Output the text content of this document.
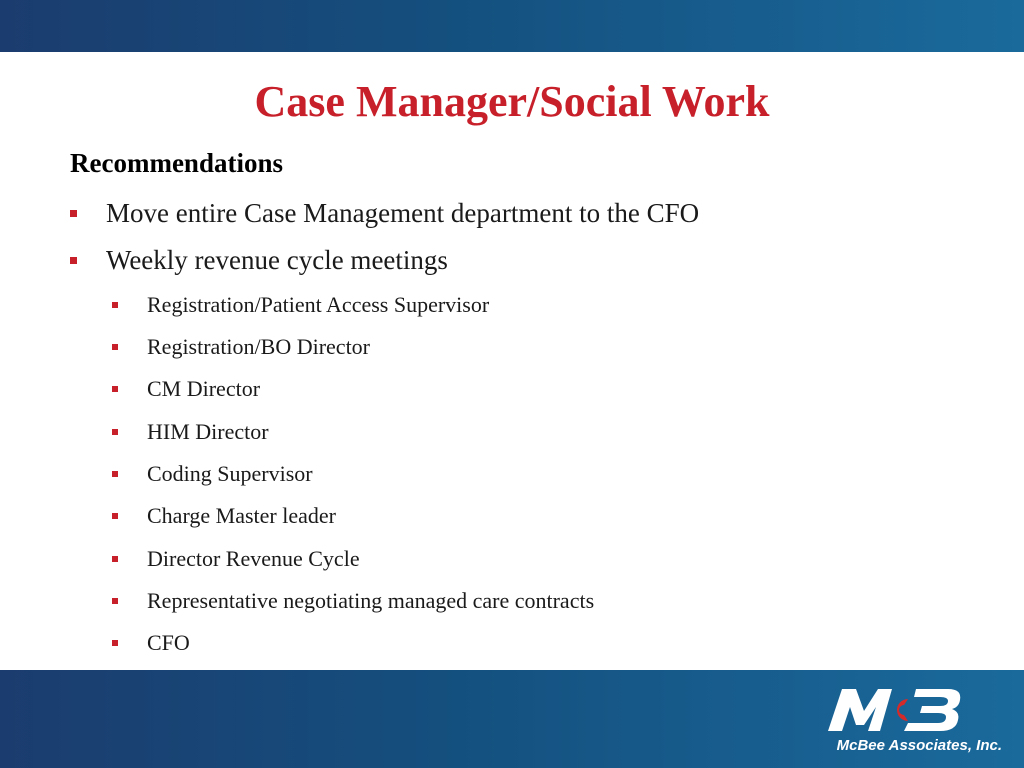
Case Manager/Social Work
Recommendations
Move entire Case Management department to the CFO
Weekly revenue cycle meetings
Registration/Patient Access Supervisor
Registration/BO Director
CM Director
HIM Director
Coding Supervisor
Charge Master leader
Director Revenue Cycle
Representative negotiating managed care contracts
CFO
McBee Associates, Inc.
